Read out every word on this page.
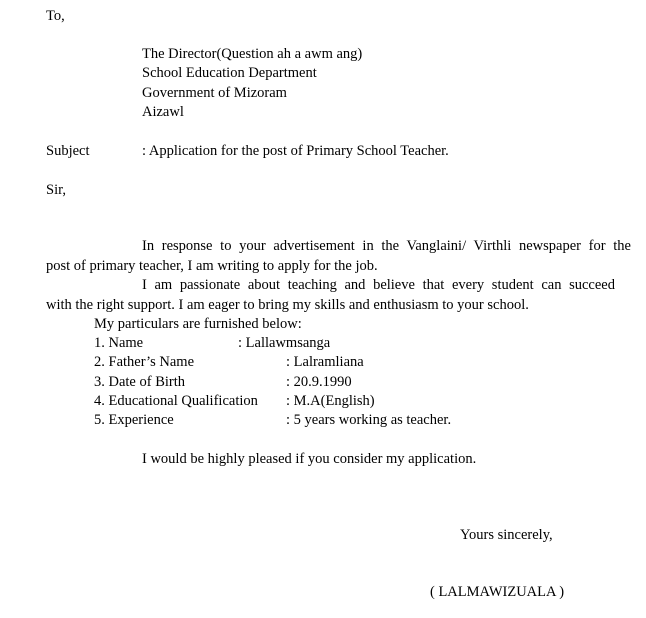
To,
The Director(Question ah a awm ang)
School Education Department
Government of Mizoram
Aizawl
Subject	: Application for the post of Primary School Teacher.
Sir,
In response to your advertisement in the Vanglaini/ Virthli newspaper for the
post of primary teacher, I am writing to apply for the job.
I am passionate about teaching and believe that every student can succeed
with the right support. I am eager to bring my skills and enthusiasm to your school.
My particulars are furnished below:
1. Name	: Lallawmsanga
2. Father’s Name	: Lalramliana
3. Date of Birth	: 20.9.1990
4. Educational Qualification : M.A(English)
5. Experience	: 5 years working as teacher.
I would be highly pleased if you consider my application.
Yours sincerely,
( LALMAWIZUALA )
